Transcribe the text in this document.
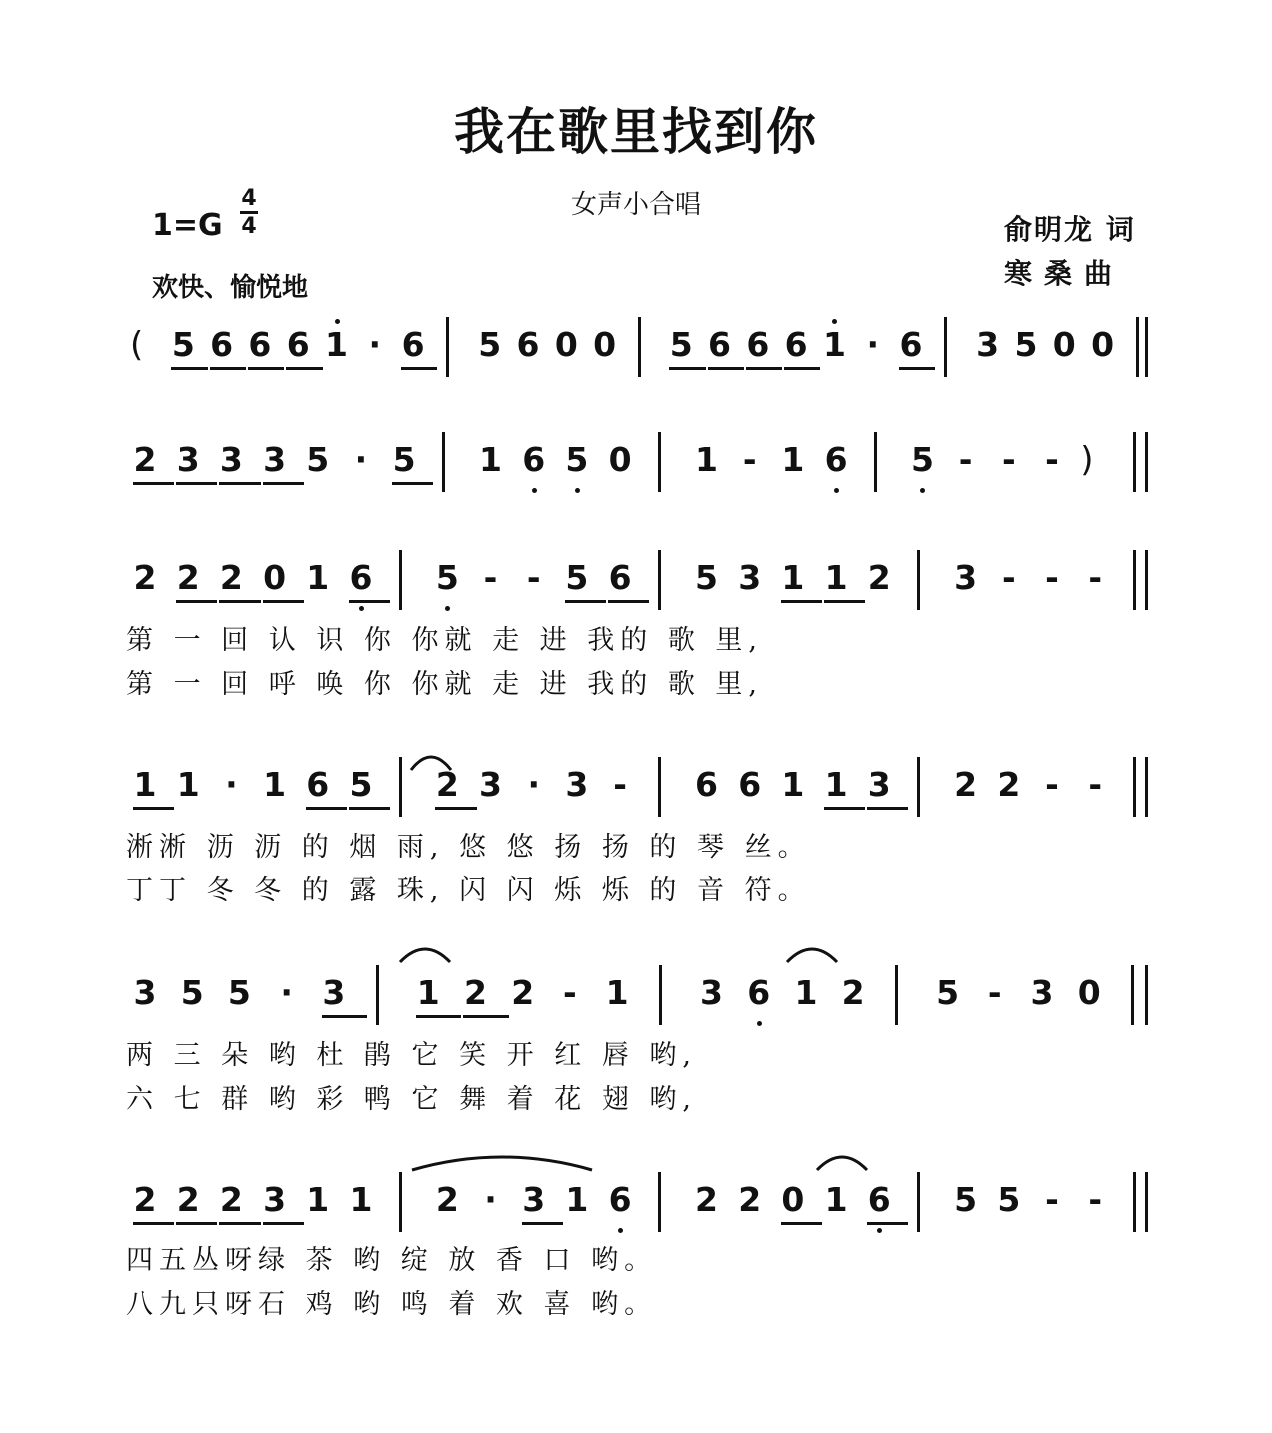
我在歌里找到你
女声小合唱
1=G
4
4
欢快、愉悦地
俞明龙 词
寒桑曲
( 5 6 6 6 1 · 6 5 6 0 0 5 6 6 6 1 · 6 3 5 0 0
2 3 3 3 5 · 5 1 6 5 0 1 - 1 6 5 - - - )
2 2 2 0 1 6 5 - - 5 6 5 3 1 1 2 3 - - -
第 一 回 认 识 你 你就 走 进 我的 歌 里,
第 一 回 呼 唤 你 你就 走 进 我的 歌 里,
1 1 · 1 6 5 2 3 · 3 - 6 6 1 1 3 2 2 - -
淅淅 沥 沥 的 烟 雨, 悠 悠 扬 扬 的 琴 丝。
丁丁 冬 冬 的 露 珠, 闪 闪 烁 烁 的 音 符。
3 5 5 · 3 1 2 2 - 1 3 6 1 2 5 - 3 0
两 三 朵 哟 杜 鹃 它 笑 开 红 唇 哟,
六 七 群 哟 彩 鸭 它 舞 着 花 翅 哟,
2 2 2 3 1 1 2 · 3 1 6 2 2 0 1 6 5 5 - -
四五丛呀绿 茶 哟 绽 放 香 口 哟。
八九只呀石 鸡 哟 鸣 着 欢 喜 哟。
